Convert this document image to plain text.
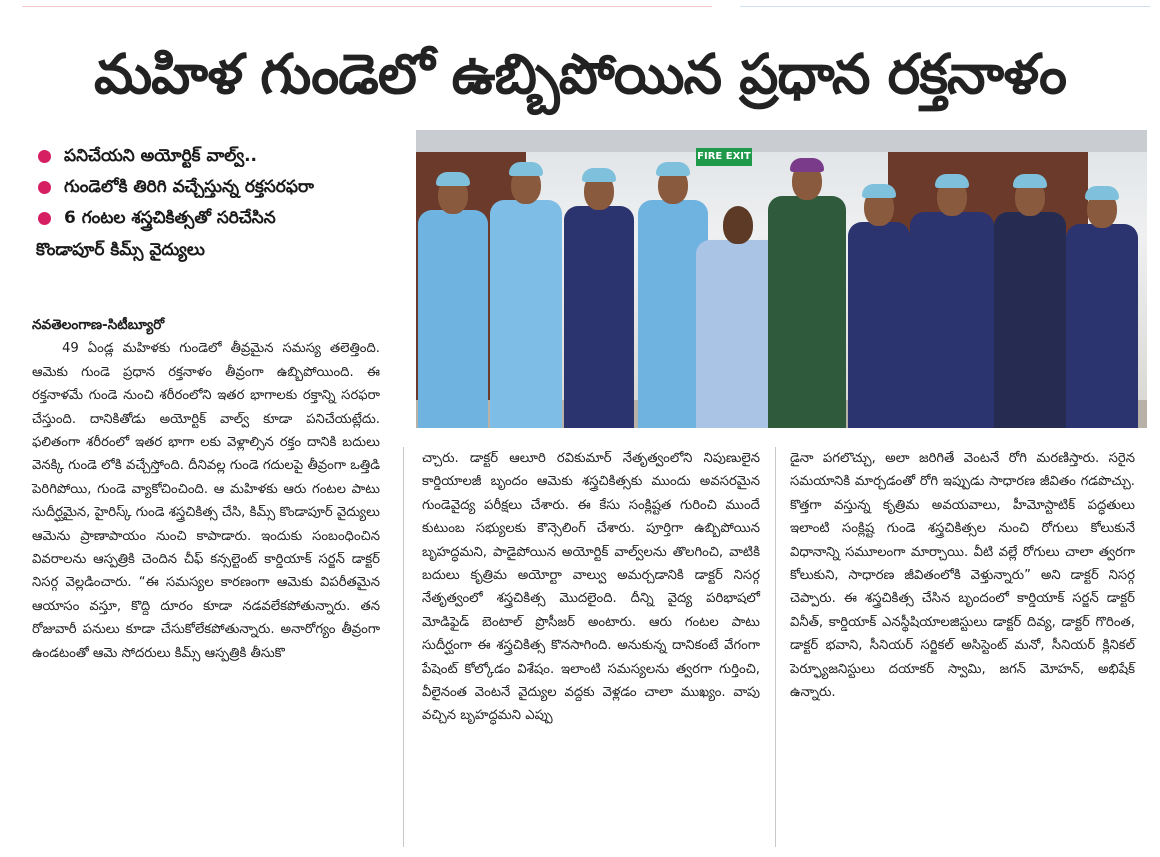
మహిళ గుండెలో ఉబ్బిపోయిన ప్రధాన రక్తనాళం
పనిచేయని అయోర్టిక్ వాల్వ్..
గుండెలోకి తిరిగి వచ్చేస్తున్న రక్తసరఫరా
6 గంటల శస్త్రచికిత్సతో సరిచేసిన
కొండాపూర్ కిమ్స్ వైద్యులు
FIRE EXIT
నవతెలంగాణ-సిటీబ్యూరో
49 ఏండ్ల మహిళకు గుండెలో తీవ్రమైన సమస్య తలెత్తింది. ఆమెకు గుండె ప్రధాన రక్తనాళం తీవ్రంగా ఉబ్బిపోయింది. ఈ రక్తనాళమే గుండె నుంచి శరీరంలోని ఇతర భాగాలకు రక్తాన్ని సరఫరా చేస్తుంది. దానికితోడు అయోర్టిక్ వాల్వ్ కూడా పనిచేయట్లేదు. ఫలితంగా శరీరంలో ఇతర భాగా లకు వెళ్లాల్సిన రక్తం దానికి బదులు వెనక్కి గుండె లోకి వచ్చేస్తోంది. దీనివల్ల గుండె గదులపై తీవ్రంగా ఒత్తిడి పెరిగిపోయి, గుండె వ్యాకోచించింది. ఆ మహిళకు ఆరు గంటల పాటు సుదీర్ఘమైన, హైరిస్క్ గుండె శస్త్రచికిత్స చేసి, కిమ్స్ కొండాపూర్ వైద్యులు ఆమెను ప్రాణాపాయం నుంచి కాపాడారు. ఇందుకు సంబంధించిన వివరాలను ఆస్పత్రికి చెందిన చీఫ్ కన్సల్టెంట్ కార్డియాక్ సర్జన్ డాక్టర్ నిసర్గ వెల్లడించారు. “ఈ సమస్యల కారణంగా ఆమెకు విపరీతమైన ఆయాసం వస్తూ, కొద్ది దూరం కూడా నడవలేకపోతున్నారు. తన రోజువారీ పనులు కూడా చేసుకోలేకపోతున్నారు. అనారోగ్యం తీవ్రంగా ఉండటంతో ఆమె సోదరులు కిమ్స్ ఆస్పత్రికి తీసుకొ
చ్చారు. డాక్టర్ ఆలూరి రవికుమార్ నేతృత్వంలోని నిపుణులైన కార్డియాలజీ బృందం ఆమెకు శస్త్రచికిత్సకు ముందు అవసరమైన గుండెవైద్య పరీక్షలు చేశారు. ఈ కేసు సంక్లిష్టత గురించి ముందే కుటుంబ సభ్యులకు కౌన్సెలింగ్ చేశారు. పూర్తిగా ఉబ్బిపోయిన బృహద్ధమని, పాడైపోయిన అయోర్టిక్ వాల్వ్‌లను తొలగించి, వాటికి బదులు కృత్రిమ అయోర్టా వాల్వు అమర్చడానికి డాక్టర్ నిసర్గ నేతృత్వంలో శస్త్రచికిత్స మొదలైంది. దీన్ని వైద్య పరిభాషలో మోడిఫైడ్ బెంటాల్ ప్రొసీజర్ అంటారు. ఆరు గంటల పాటు సుదీర్ఘంగా ఈ శస్త్రచికిత్స కొనసాగింది. అనుకున్న దానికంటే వేగంగా పేషెంట్ కోల్కోడం విశేషం. ఇలాంటి సమస్యలను త్వరగా గుర్తించి, వీలైనంత వెంటనే వైద్యుల వద్దకు వెళ్లడం చాలా ముఖ్యం. వాపు వచ్చిన బృహద్ధమని ఎప్పు
డైనా పగలొచ్చు, అలా జరిగితే వెంటనే రోగి మరణిస్తారు. సరైన సమయానికి మార్చడంతో రోగి ఇప్పుడు సాధారణ జీవితం గడపొచ్చు. కొత్తగా వస్తున్న కృత్రిమ అవయవాలు, హీమోస్టాటిక్ పద్ధతులు ఇలాంటి సంక్లిష్ట గుండె శస్త్రచికిత్సల నుంచి రోగులు కోలుకునే విధానాన్ని సమూలంగా మార్చాయి. వీటి వల్లే రోగులు చాలా త్వరగా కోలుకుని, సాధారణ జీవితంలోకి వెళ్తున్నారు” అని డాక్టర్ నిసర్గ చెప్పారు. ఈ శస్త్రచికిత్స చేసిన బృందంలో కార్డియాక్ సర్జన్ డాక్టర్ వినీత్, కార్డియాక్ ఎనస్థీషియాలజిస్టులు డాక్టర్ దివ్య, డాక్టర్ గొరింత, డాక్టర్ భవాని, సీనియర్ సర్జికల్ అసిస్టెంట్ మనో, సీనియర్ క్లినికల్ పెర్ఫ్యూజనిస్టులు దయాకర్ స్వామి, జగన్ మోహన్, అభిషేక్ ఉన్నారు.
